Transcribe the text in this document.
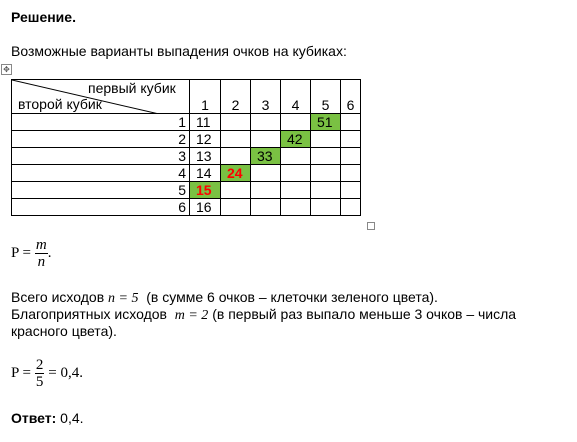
Решение.
Возможные варианты выпадения очков на кубиках:
✥
первый кубик
второй кубик	1	2	3	4	5	6
1	11				51	
2	12			42		
3	13		33			
4	14	24				
5	15					
6	16					
$P = \frac{m}{n}$ .
Всего исходов n = 5  (в сумме 6 очков – клеточки зеленого цвета).
Благоприятных исходов  m = 2 (в первый раз выпало меньше 3 очков – числа
красного цвета).
$P = \frac{2}{5} = 0,4$.
Ответ: 0,4.
